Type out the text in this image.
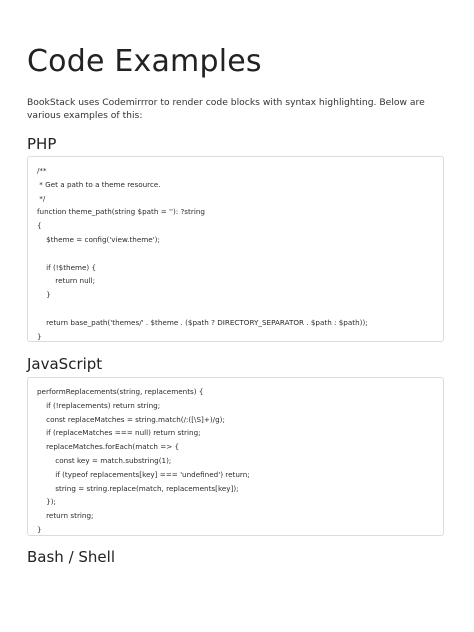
Code Examples

BookStack uses Codemirrror to render code blocks with syntax highlighting. Below are various examples of this:

PHP
/**
* Get a path to a theme resource.
*/
function theme_path(string $path = ''): ?string
{
$theme = config('view.theme');
if (!$theme) {
return null;
}
return base_path('themes/' . $theme . ($path ? DIRECTORY_SEPARATOR . $path : $path));
}
JavaScript
performReplacements(string, replacements) {
if (!replacements) return string;
const replaceMatches = string.match(/:([\S]+)/g);
if (replaceMatches === null) return string;
replaceMatches.forEach(match => {
const key = match.substring(1);
if (typeof replacements[key] === 'undefined') return;
string = string.replace(match, replacements[key]);
});
return string;
}
Bash / Shell
